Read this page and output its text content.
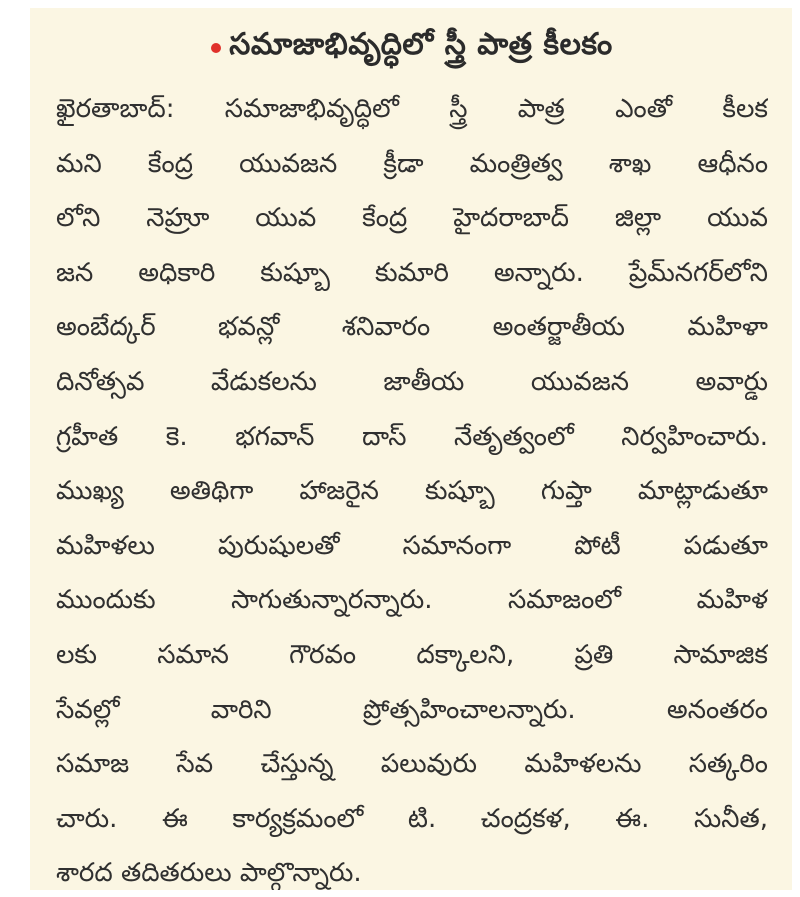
సమాజాభివృద్ధిలో స్త్రీ పాత్ర కీలకం
ఖైరతాబాద్: సమాజాభివృద్ధిలో స్త్రీ పాత్ర ఎంతో కీలక
మని కేంద్ర యువజన క్రీడా మంత్రిత్వ శాఖ ఆధీనం
లోని నెహ్రూ యువ కేంద్ర హైదరాబాద్ జిల్లా యువ
జన అధికారి కుష్బూ కుమారి అన్నారు. ప్రేమ్‌నగర్‌లోని
అంబేద్కర్ భవన్లో శనివారం అంతర్జాతీయ మహిళా
దినోత్సవ వేడుకలను జాతీయ యువజన అవార్డు
గ్రహీత కె. భగవాన్ దాస్ నేతృత్వంలో నిర్వహించారు.
ముఖ్య అతిథిగా హాజరైన కుష్బూ గుప్తా మాట్లాడుతూ
మహిళలు పురుషులతో సమానంగా పోటీ పడుతూ
ముందుకు సాగుతున్నారన్నారు. సమాజంలో మహిళ
లకు సమాన గౌరవం దక్కాలని, ప్రతి సామాజిక
సేవల్లో వారిని ప్రోత్సహించాలన్నారు. అనంతరం
సమాజ సేవ చేస్తున్న పలువురు మహిళలను సత్కరిం
చారు. ఈ కార్యక్రమంలో టి. చంద్రకళ, ఈ. సునీత,
శారద తదితరులు పాల్గొన్నారు.
